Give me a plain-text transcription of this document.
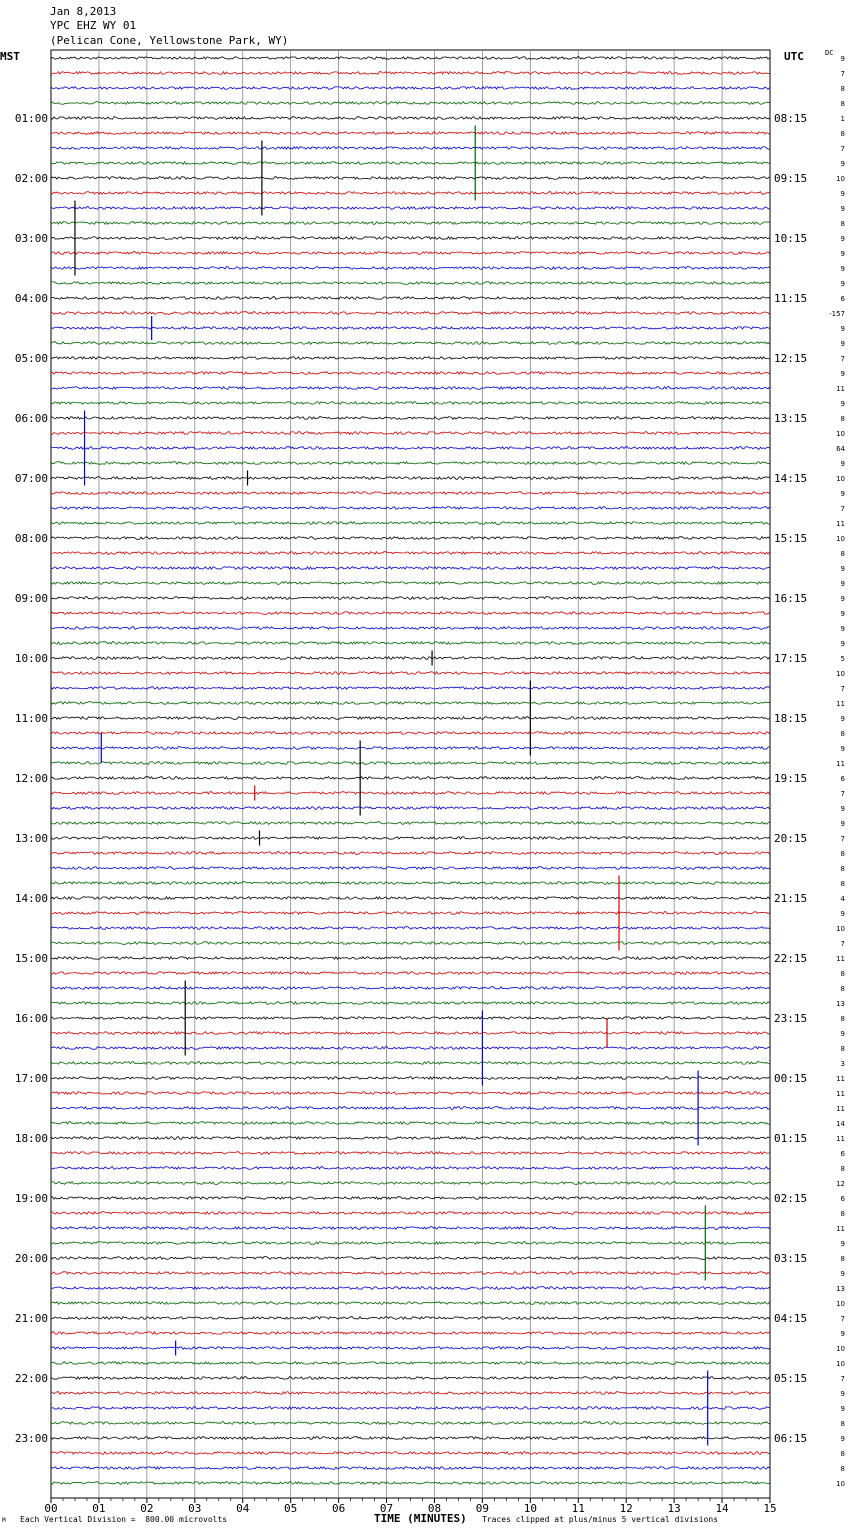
Jan 8,2013
YPC EHZ WY 01
(Pelican Cone, Yellowstone Park, WY)
MST	UTC	DC
01:00
02:00
03:00
04:00
05:00
06:00
07:00
08:00
09:00
10:00
11:00
12:00
13:00
14:00
15:00
16:00
17:00
18:00
19:00
20:00
21:00
22:00
23:00
08:15
09:15
10:15
11:15
12:15
13:15
14:15
15:15
16:15
17:15
18:15
19:15
20:15
21:15
22:15
23:15
00:15
01:15
02:15
03:15
04:15
05:15
06:15
9
7
8
8
1
8
7
9
10
9
9
8
9
9
9
9
6
-157
9
9
7
9
11
9
8
10
64
9
10
9
7
11
10
8
9
9
9
9
9
9
5
10
7
11
9
8
9
11
6
7
9
9
7
8
8
8
4
9
10
7
11
8
8
13
8
9
8
3
11
11
11
14
11
6
8
12
6
8
11
9
8
9
13
10
7
9
10
10
7
9
9
8
9
8
8
10
00	01	02	03	04	05	06	07	08	09	10	11	12	13	14	15
M Each Vertical Division =  800.00 microvolts	TIME (MINUTES) Traces clipped at plus/minus 5 vertical divisions
